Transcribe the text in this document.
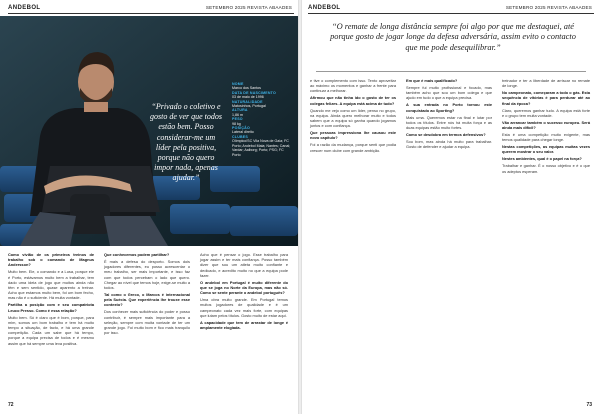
ANDEBOL	SETEMBRO 2025 REVISTA ABAADES
“Privado o coletivo e gosto de ver que todos estão bem. Posso considerar-me um líder pela positiva, porque não quero impor nada, apenas ajudar.”
NOME
Marco dos Santos
DATA DE NASCIMENTO
03 de maio de 1996
NATURALIDADE
Matosinhos, Portugal
ALTURA
1,86 m
PESO
98 kg
POSIÇÃO
Lateral direito
CLUBES
Olímpico/SC Vila Nova de Gaia; FC Porto; Andebol Maia; Nantes; Canal; Vardar; Aalborg; Porto; PSG; FC Porto

Como vivião de os primeiros treinos de trabalho sob o comando de Magnus Andersson?

Muito bem. Ele, o comando e a Lusa, porque ele é Porto, estávamos muito bem a trabalhar, tem dado uma ideia de jogo que muitos ainda não têm e sem sentido, quase aparento a treinar. Acho que estamos muito bem, foi um bom fecho, mas não é o suficiente. Há muita vontade.

Partilha a posição com e seu compatriota Leuco Presso. Como é essa relação?

Muito bem. Só é claro que é bom, porque, para mim, somos um bom trabalho e tem há muito tempo a situação, de facto, e há uma grande competição. Cada um sabe que há tempo, porque a equipa precisa de todos e é mesmo assim que há sempre uma leva positiva.

Que conhecemos podem partilhar?

É mais a defesa do desporto. Somos dois jogadores diferentes, eu posso acrescentar o meu trabalho, ser mais importante, e isso faz com que todos percebam o lado que quero. Chegar ao nível que temos hoje, exige-se muito a todos.

Tal como o Greco, o Marcos é internacional pela Suécia. Que experiência lhe trouxe esse contexto?

Dos conhecer mais suficiência do poder e posso contribuir, é sempre mais importante para a seleção, sempre com muita vontade de ter um grande jogo. Foi muito bom e fico mais tranquilo por isso.

Acho que é pensar o jogo. Esse trabalho para jogar assim e ter mais confiança. Posso também dizer que sou um atleta muito confiante e dedicado, e acredito muito no que a equipa pode fazer.

O andebol em Portugal é muito diferente do que se joga no Norte da Europa, mas não só. Como se sente perante o andebol português?

Uma obra muito grande. Em Portugal temos muitos jogadores de qualidade e é um campeonato cada vez mais forte, com equipas que lutam pelos títulos. Gosto muito de estar aqui.

A capacidade que tem de arrastar de longe é amplamente elogiada.

72
ANDEBOL	SETEMBRO 2025 REVISTA ABAADES
“O remate de longa distância sempre foi algo por que me destaquei, até porque gosto de jogar longe da defesa adversária, assim evito o contacto que me pode desequilibrar.”

e tive o complemento com isso. Tento aproveitar ao máximo os momentos e ganhar a frente para continuar a melhorar.

Afirmou que não tinha ido o gosto de ter os colegas felizes. A equipa está acima de tudo?

Quando me vejo como um líder, penso no grupo, na equipa. Ainda quero melhorar muito e todos sabem que a equipa só ganha quando jogamos juntos e com confiança.

Que pessoas impressiona lhe causou este novo capítulo?

Foi a razão da mudança, porque senti que podia crescer num clube com grande ambição.

Em que é mais qualificado?

Sempre fui muito profissional e focado, mas também acho que sou um bom colega e que ajudo em tudo o que a equipa precisa.

A sua entrada no Porto tornou este conquistado ao Sporting?

Mais uma. Queremos estar na final e lutar por todos os títulos. Entre nós há muita força e as duas equipas estão muito fortes.

Como se desdobra em termos defensivos?

Sou bom, mas ainda há muito para trabalhar. Gosto de defender e ajudar a equipa.

treinador e ter a liberdade de arriscar no remate de longe.

No campeonato, começaram a todo o gás. Esta sequência de vitórias é para perdurar até ao final da época?

Claro, queremos ganhar tudo. A equipa está forte e o grupo tem muita vontade.

Vão arrancar também o sucesso europeu. Será ainda mais difícil?

Esta é uma competição muito exigente, mas temos qualidade para chegar longe.

Nestas competições, as equipas muitas vezes querem mostrar o seu valor.

Nestes ambientes, qual é o papel na força?

Trabalhar e ganhar. É o nosso objetivo e é o que os adeptos esperam.

73
